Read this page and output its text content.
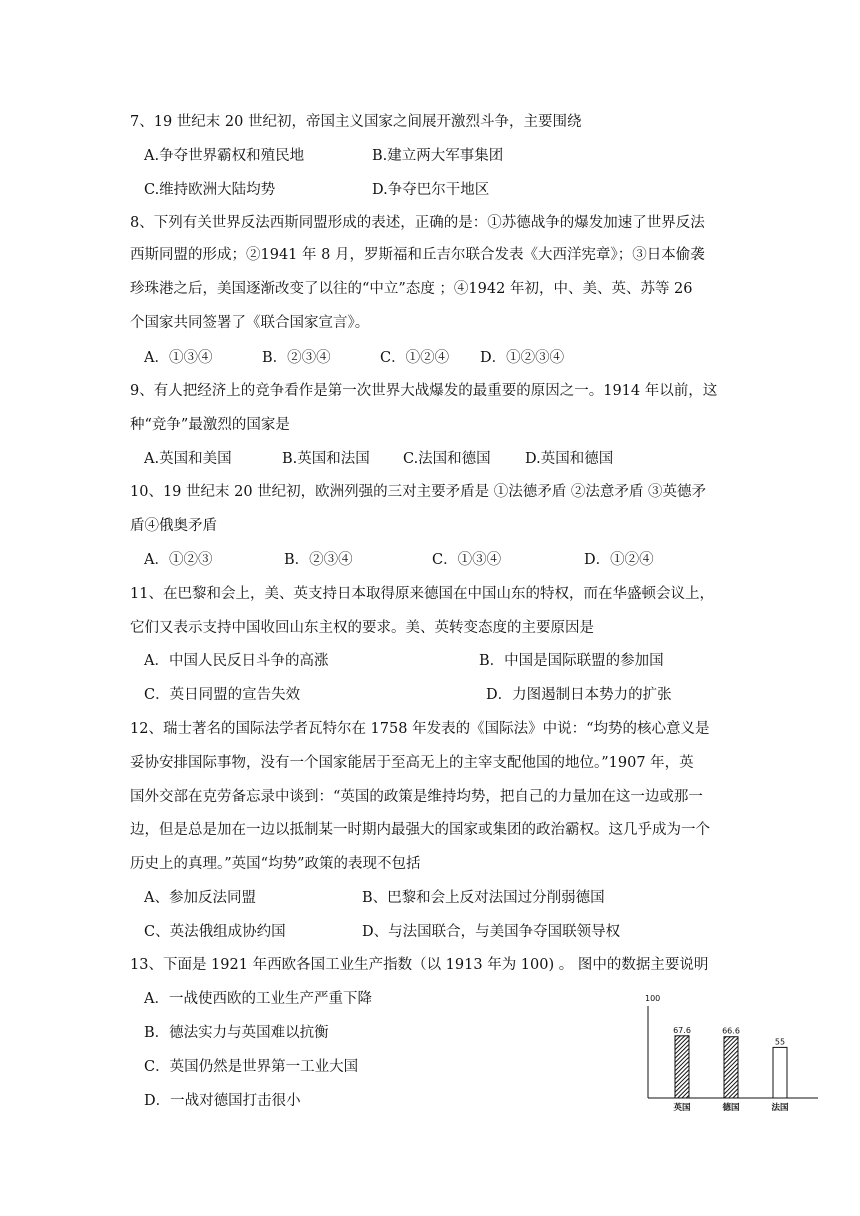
7、19 世纪末 20 世纪初，帝国主义国家之间展开激烈斗争，主要围绕
A.争夺世界霸权和殖民地	B.建立两大军事集团
C.维持欧洲大陆均势	D.争夺巴尔干地区
8、下列有关世界反法西斯同盟形成的表述，正确的是：①苏德战争的爆发加速了世界反法
西斯同盟的形成；②1941 年 8 月，罗斯福和丘吉尔联合发表《大西洋宪章》；③日本偷袭
珍珠港之后，美国逐渐改变了以往的“中立”态度 ；④1942 年初，中、美、英、苏等 26
个国家共同签署了《联合国家宣言》。
A．①③④	B．②③④	C．①②④ D．①②③④
9、有人把经济上的竞争看作是第一次世界大战爆发的最重要的原因之一。1914 年以前，这
种“竞争”最激烈的国家是
A.英国和美国	B.英国和法国 C.法国和德国 D.英国和德国
10、19 世纪末 20 世纪初，欧洲列强的三对主要矛盾是 ①法德矛盾 ②法意矛盾 ③英德矛
盾④俄奥矛盾
A．①②③	B．②③④	C．①③④	D．①②④
11、在巴黎和会上，美、英支持日本取得原来德国在中国山东的特权，而在华盛顿会议上，
它们又表示支持中国收回山东主权的要求。美、英转变态度的主要原因是
A．中国人民反日斗争的高涨	B．中国是国际联盟的参加国
C．英日同盟的宣告失效	D．力图遏制日本势力的扩张
12、瑞士著名的国际法学者瓦特尔在 1758 年发表的《国际法》中说：“均势的核心意义是
妥协安排国际事物，没有一个国家能居于至高无上的主宰支配他国的地位。”1907 年，英
国外交部在克劳备忘录中谈到：“英国的政策是维持均势，把自己的力量加在这一边或那一
边，但是总是加在一边以抵制某一时期内最强大的国家或集团的政治霸权。这几乎成为一个
历史上的真理。”英国“均势”政策的表现不包括
A、参加反法同盟	B、巴黎和会上反对法国过分削弱德国
C、英法俄组成协约国	D、与法国联合，与美国争夺国联领导权
13、下面是 1921 年西欧各国工业生产指数（以 1913 年为 100) 。 图中的数据主要说明
A．一战使西欧的工业生产严重下降
B．德法实力与英国难以抗衡
C．英国仍然是世界第一工业大国
D．一战对德国打击很小
100
67.6
英国
66.6
德国
55
法国
